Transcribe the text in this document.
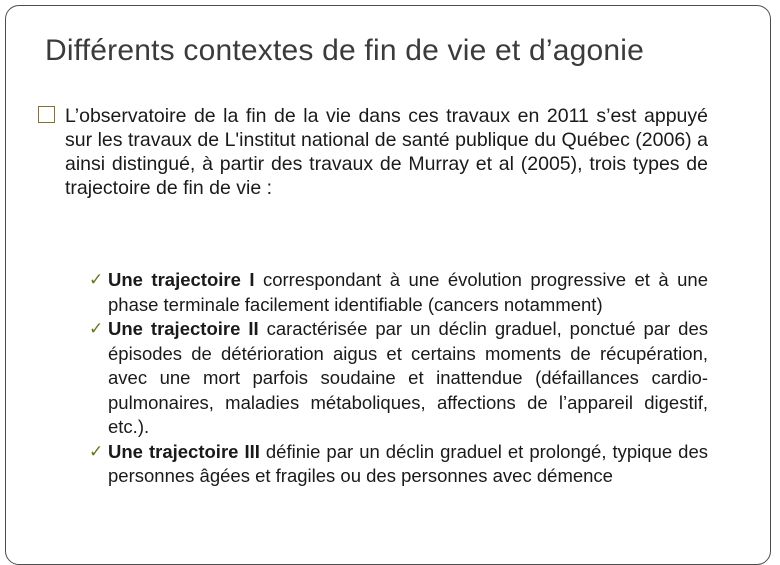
Différents contextes de fin de vie et d’agonie
L’observatoire de la fin de la vie dans ces travaux en 2011 s’est appuyé sur les travaux de L'institut national de santé publique du Québec (2006) a ainsi distingué, à partir des travaux de Murray et al (2005), trois types de trajectoire de fin de vie :
✓ Une trajectoire I correspondant à une évolution progressive et à une phase terminale facilement identifiable (cancers notamment)
✓ Une trajectoire II caractérisée par un déclin graduel, ponctué par des épisodes de détérioration aigus et certains moments de récupération, avec une mort parfois soudaine et inattendue (défaillances cardio-pulmonaires, maladies métaboliques, affections de l’appareil digestif, etc.).
✓ Une trajectoire III définie par un déclin graduel et prolongé, typique des personnes âgées et fragiles ou des personnes avec démence
